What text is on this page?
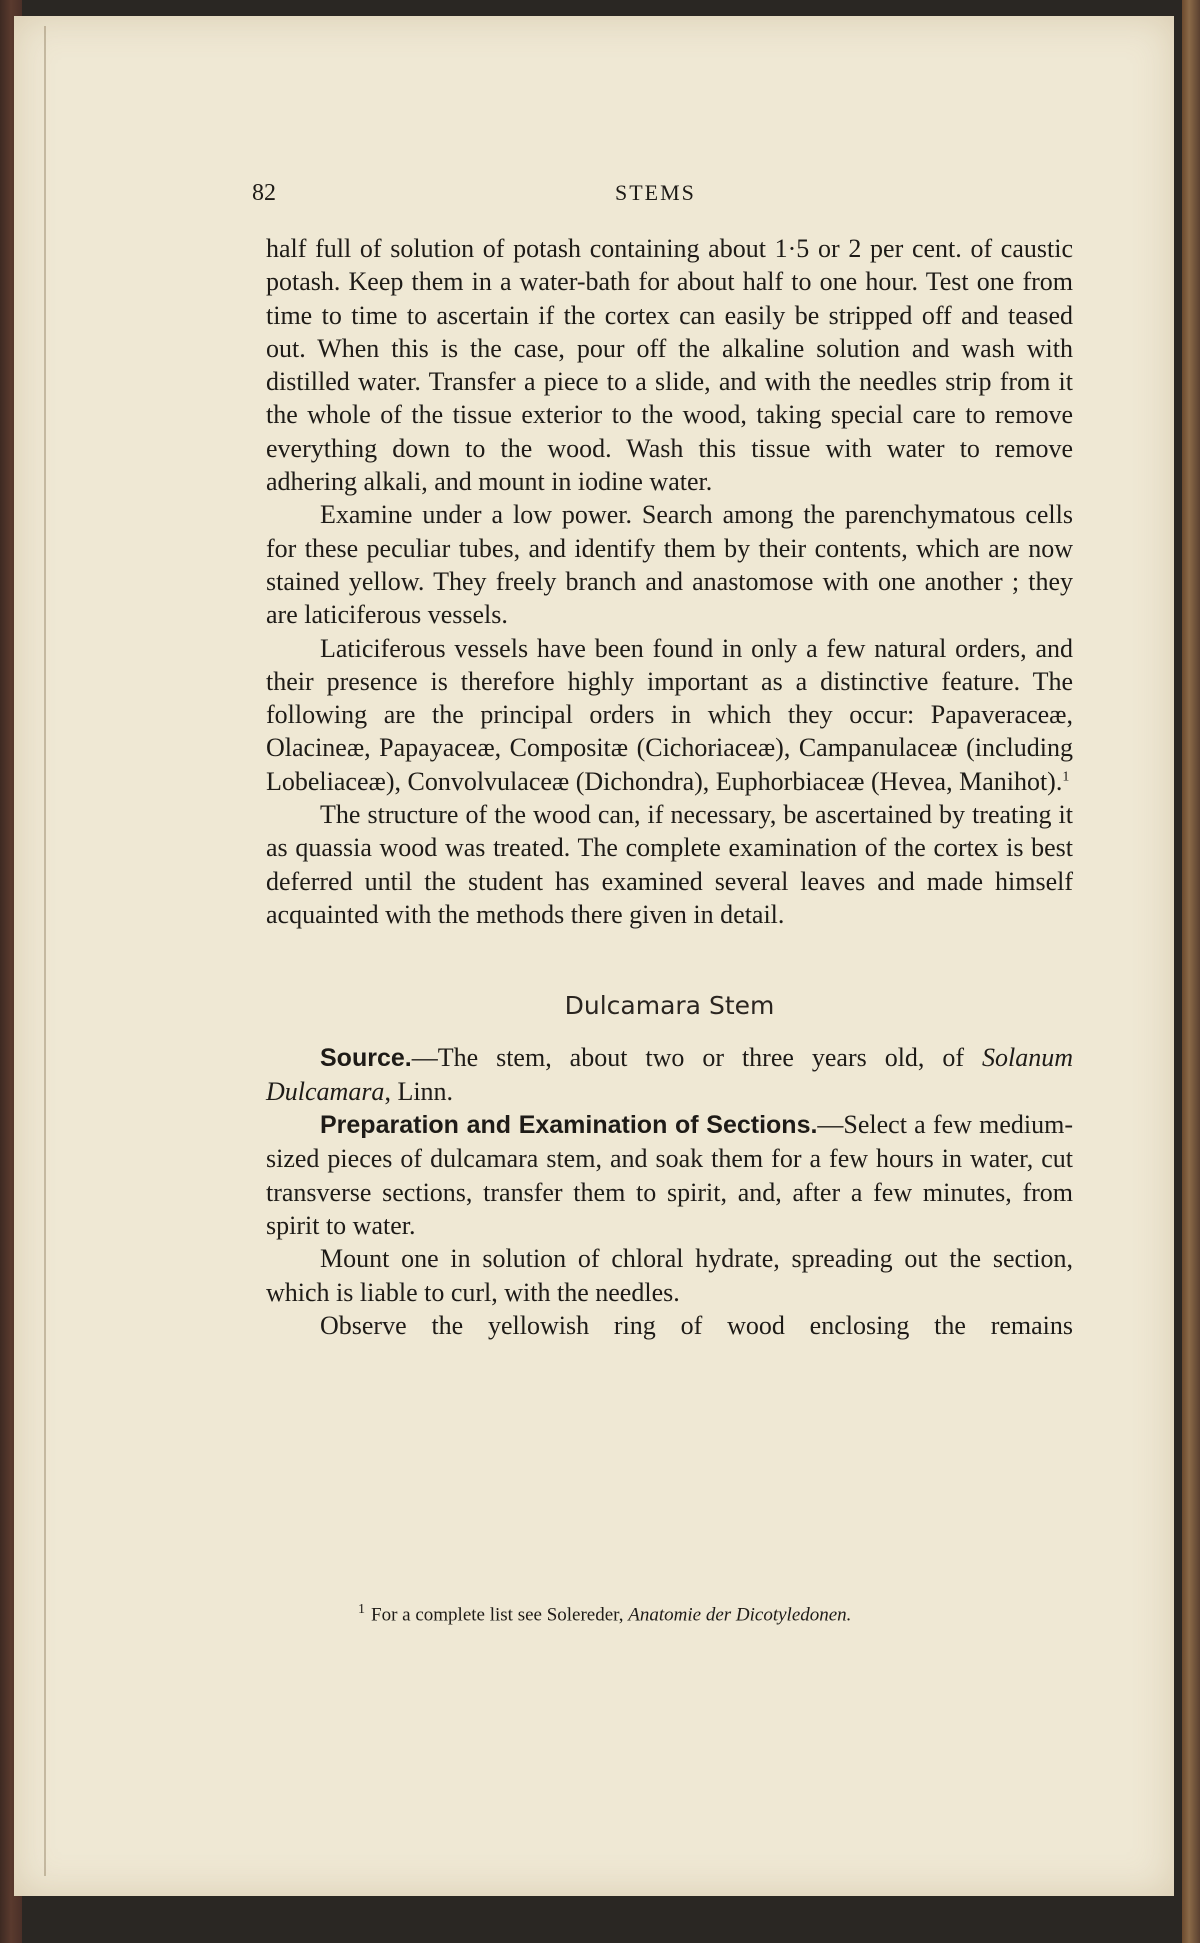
82	STEMS

half full of solution of potash containing about 1·5 or 2 per cent. of caustic potash. Keep them in a water-bath for about half to one hour. Test one from time to time to ascertain if the cortex can easily be stripped off and teased out. When this is the case, pour off the alkaline solution and wash with distilled water. Transfer a piece to a slide, and with the needles strip from it the whole of the tissue exterior to the wood, taking special care to remove everything down to the wood. Wash this tissue with water to remove adhering alkali, and mount in iodine water.

Examine under a low power. Search among the parenchymatous cells for these peculiar tubes, and identify them by their contents, which are now stained yellow. They freely branch and anastomose with one another ; they are laticiferous vessels.

Laticiferous vessels have been found in only a few natural orders, and their presence is therefore highly important as a distinctive feature. The following are the principal orders in which they occur: Papaveraceæ, Olacineæ, Papayaceæ, Compositæ (Cichoriaceæ), Campanulaceæ (including Lobeliaceæ), Convolvulaceæ (Dichondra), Euphorbiaceæ (Hevea, Manihot).$^1$

The structure of the wood can, if necessary, be ascertained by treating it as quassia wood was treated. The complete examination of the cortex is best deferred until the student has examined several leaves and made himself acquainted with the methods there given in detail.

Dulcamara Stem

Source.—The stem, about two or three years old, of Solanum Dulcamara, Linn.

Preparation and Examination of Sections.—Select a few medium-sized pieces of dulcamara stem, and soak them for a few hours in water, cut transverse sections, transfer them to spirit, and, after a few minutes, from spirit to water.

Mount one in solution of chloral hydrate, spreading out the section, which is liable to curl, with the needles.

Observe the yellowish ring of wood enclosing the remains

$^1$ For a complete list see Solereder, Anatomie der Dicotyledonen.
